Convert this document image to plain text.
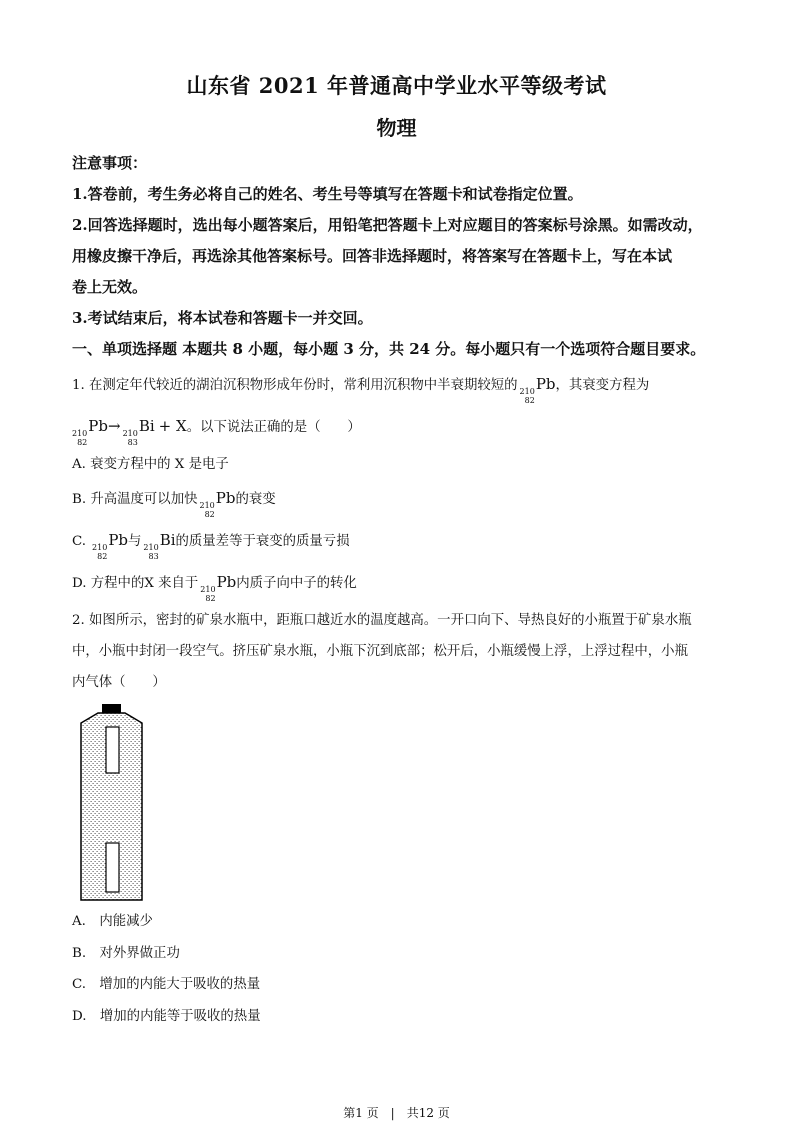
山东省 2021 年普通高中学业水平等级考试
物理
注意事项：
1.答卷前，考生务必将自己的姓名、考生号等填写在答题卡和试卷指定位置。
2.回答选择题时，选出每小题答案后，用铅笔把答题卡上对应题目的答案标号涂黑。如需改动，
用橡皮擦干净后，再选涂其他答案标号。回答非选择题时，将答案写在答题卡上，写在本试
卷上无效。
3.考试结束后，将本试卷和答题卡一并交回。
一、单项选择题 本题共 8 小题，每小题 3 分，共 24 分。每小题只有一个选项符合题目要求。
1. 在测定年代较近的湖泊沉积物形成年份时，常利用沉积物中半衰期较短的 210
82
Pb，其衰变方程为
210
82
Pb→ 210
83
Bi + X。以下说法正确的是（　　）
A. 衰变方程中的 X 是电子
B. 升高温度可以加快 210
82
Pb的衰变
C. 210
82
Pb与 210
83
Bi的质量差等于衰变的质量亏损
D. 方程中的X 来自于 210
82
Pb内质子向中子的转化
2. 如图所示，密封的矿泉水瓶中，距瓶口越近水的温度越高。一开口向下、导热良好的小瓶置于矿泉水瓶
中，小瓶中封闭一段空气。挤压矿泉水瓶，小瓶下沉到底部；松开后，小瓶缓慢上浮，上浮过程中，小瓶
内气体（　　）
A.　内能减少
B.　对外界做正功
C.　增加的内能大于吸收的热量
D.　增加的内能等于吸收的热量
第1 页　|　共12 页
